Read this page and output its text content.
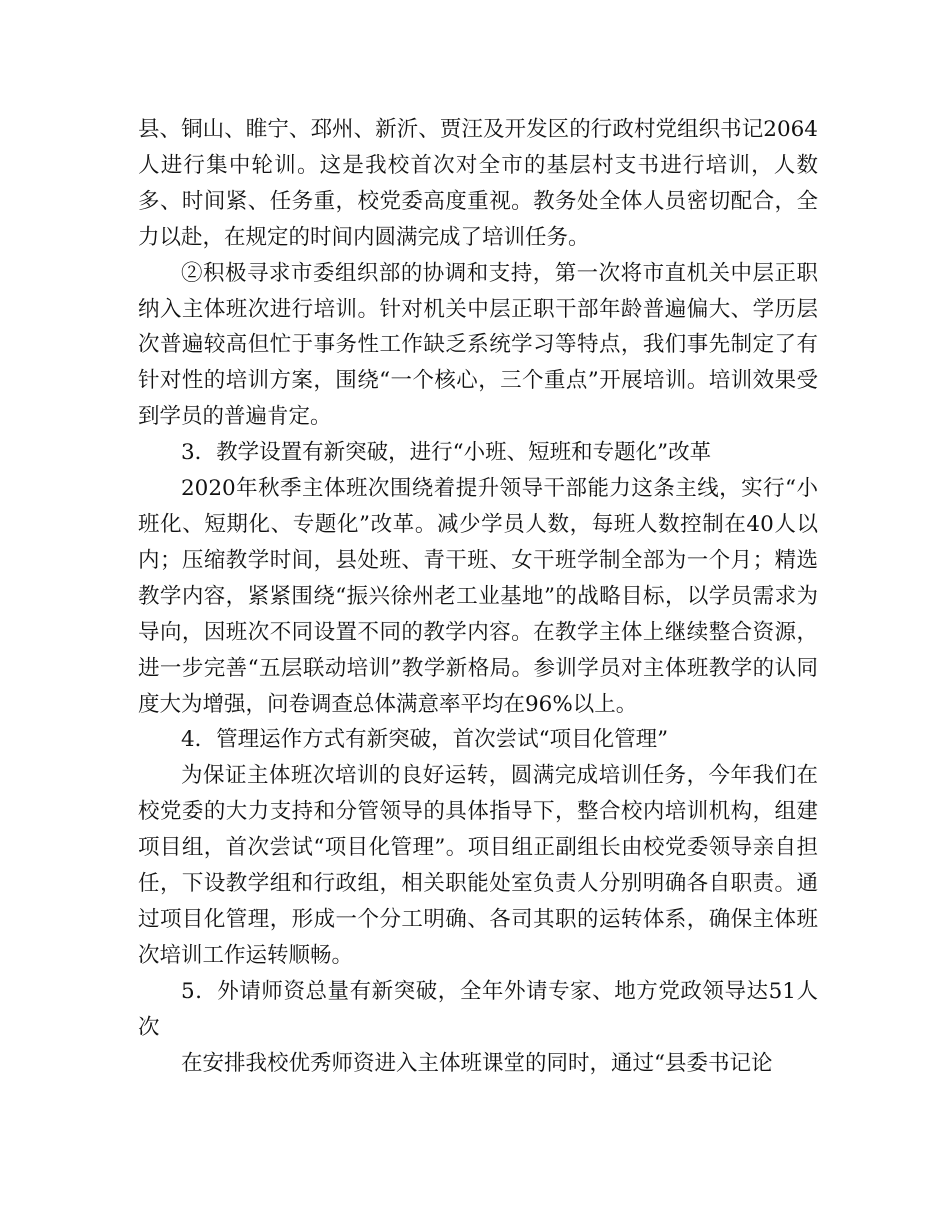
县、铜山、睢宁、邳州、新沂、贾汪及开发区的行政村党组织书记2064人进行集中轮训。这是我校首次对全市的基层村支书进行培训，人数多、时间紧、任务重，校党委高度重视。教务处全体人员密切配合，全力以赴，在规定的时间内圆满完成了培训任务。

②积极寻求市委组织部的协调和支持，第一次将市直机关中层正职纳入主体班次进行培训。针对机关中层正职干部年龄普遍偏大、学历层次普遍较高但忙于事务性工作缺乏系统学习等特点，我们事先制定了有针对性的培训方案，围绕“一个核心，三个重点”开展培训。培训效果受到学员的普遍肯定。

3．教学设置有新突破，进行“小班、短班和专题化”改革

2020年秋季主体班次围绕着提升领导干部能力这条主线，实行“小班化、短期化、专题化”改革。减少学员人数，每班人数控制在40人以内；压缩教学时间，县处班、青干班、女干班学制全部为一个月；精选教学内容，紧紧围绕“振兴徐州老工业基地”的战略目标，以学员需求为导向，因班次不同设置不同的教学内容。在教学主体上继续整合资源，进一步完善“五层联动培训”教学新格局。参训学员对主体班教学的认同度大为增强，问卷调查总体满意率平均在96%以上。

4．管理运作方式有新突破，首次尝试“项目化管理”

为保证主体班次培训的良好运转，圆满完成培训任务，今年我们在校党委的大力支持和分管领导的具体指导下，整合校内培训机构，组建项目组，首次尝试“项目化管理”。项目组正副组长由校党委领导亲自担任，下设教学组和行政组，相关职能处室负责人分别明确各自职责。通过项目化管理，形成一个分工明确、各司其职的运转体系，确保主体班次培训工作运转顺畅。

5．外请师资总量有新突破，全年外请专家、地方党政领导达51人次

在安排我校优秀师资进入主体班课堂的同时，通过“县委书记论
